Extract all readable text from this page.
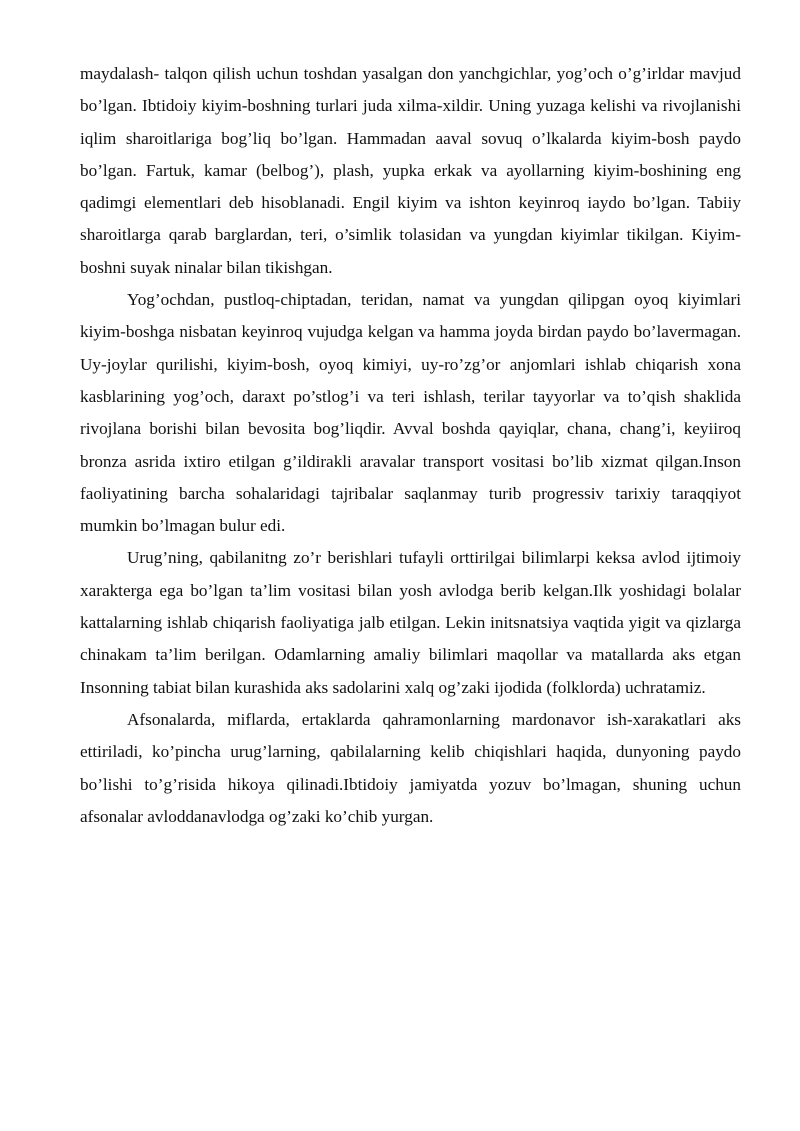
maydalash- talqon qilish uchun toshdan yasalgan don yanchgichlar, yog’och o’g’irldar mavjud bo’lgan. Ibtidoiy kiyim-boshning turlari juda xilma-xildir. Uning yuzaga kelishi va rivojlanishi iqlim sharoitlariga bog’liq bo’lgan. Hammadan aaval sovuq o’lkalarda kiyim-bosh paydo bo’lgan. Fartuk, kamar (belbog’), plash, yupka erkak va ayollarning kiyim-boshining eng qadimgi elementlari deb hisoblanadi. Engil kiyim va ishton keyinroq iaydo bo’lgan. Tabiiy sharoitlarga qarab barglardan, teri, o’simlik tolasidan va yungdan kiyimlar tikilgan. Kiyim-boshni suyak ninalar bilan tikishgan.

Yog’ochdan, pustloq-chiptadan, teridan, namat va yungdan qilipgan oyoq kiyimlari kiyim-boshga nisbatan keyinroq vujudga kelgan va hamma joyda birdan paydo bo’lavermagan. Uy-joylar qurilishi, kiyim-bosh, oyoq kimiyi, uy-ro’zg’or anjomlari ishlab chiqarish xona kasblarining yog’och, daraxt po’stlog’i va teri ishlash, terilar tayyorlar va to’qish shaklida rivojlana borishi bilan bevosita bog’liqdir. Avval boshda qayiqlar, chana, chang’i, keyiiroq bronza asrida ixtiro etilgan g’ildirakli aravalar transport vositasi bo’lib xizmat qilgan.Inson faoliyatining barcha sohalaridagi tajribalar saqlanmay turib progressiv tarixiy taraqqiyot mumkin bo’lmagan bulur edi.

Urug’ning, qabilanitng zo’r berishlari tufayli orttirilgai bilimlarpi keksa avlod ijtimoiy xarakterga ega bo’lgan ta’lim vositasi bilan yosh avlodga berib kelgan.Ilk yoshidagi bolalar kattalarning ishlab chiqarish faoliyatiga jalb etilgan. Lekin initsnatsiya vaqtida yigit va qizlarga chinakam ta’lim berilgan. Odamlarning amaliy bilimlari maqollar va matallarda aks etgan Insonning tabiat bilan kurashida aks sadolarini xalq og’zaki ijodida (folklorda) uchratamiz.

Afsonalarda, miflarda, ertaklarda qahramonlarning mardonavor ish-xarakatlari aks ettiriladi, ko’pincha urug’larning, qabilalarning kelib chiqishlari haqida, dunyoning paydo bo’lishi to’g’risida hikoya qilinadi.Ibtidoiy jamiyatda yozuv bo’lmagan, shuning uchun afsonalar avloddanavlodga og’zaki ko’chib yurgan.
